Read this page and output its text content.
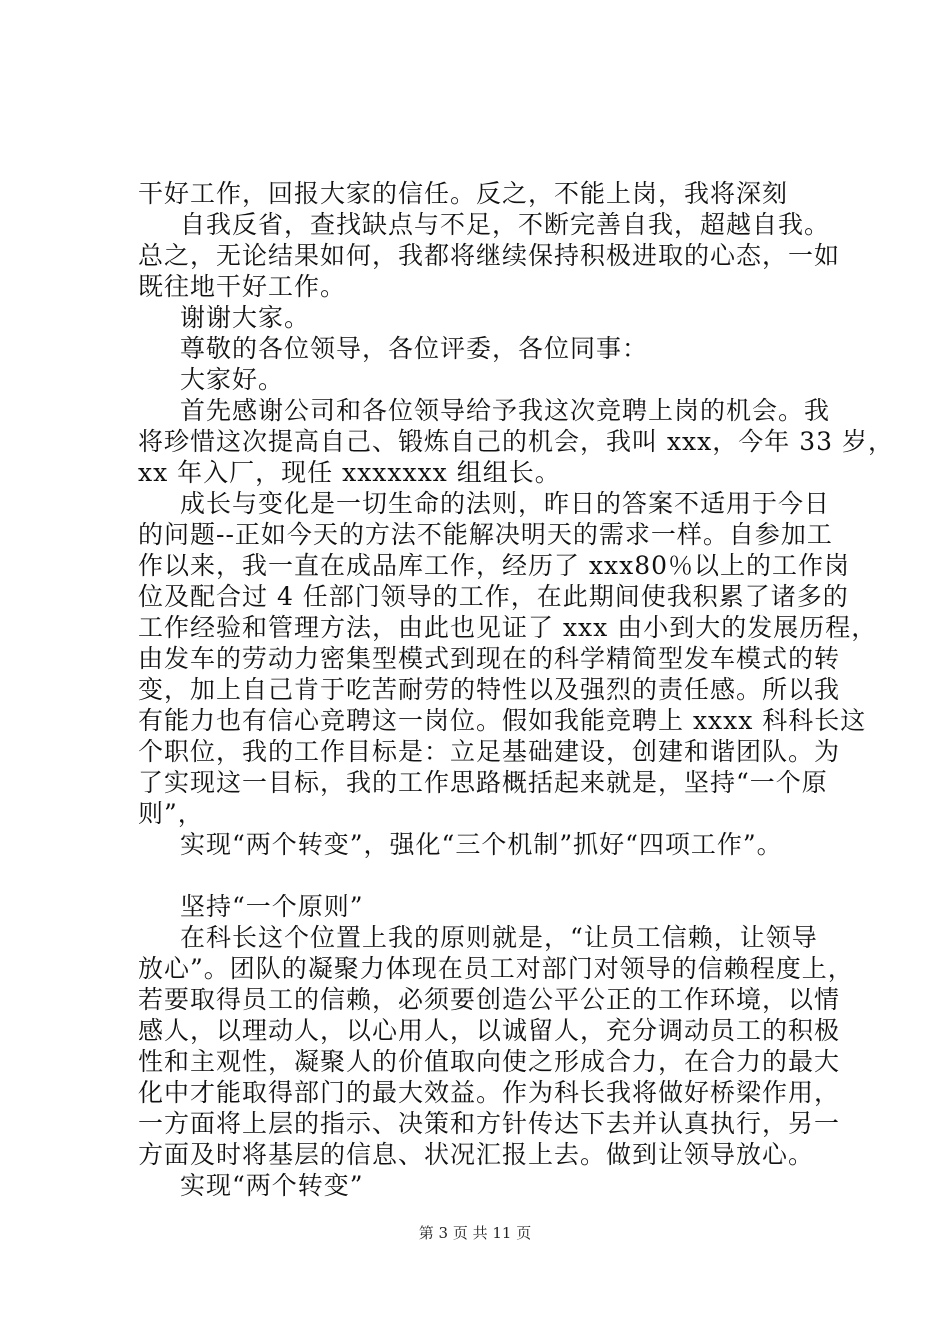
干好工作，回报大家的信任。反之，不能上岗，我将深刻
自我反省，查找缺点与不足，不断完善自我，超越自我。
总之，无论结果如何，我都将继续保持积极进取的心态，一如
既往地干好工作。
谢谢大家。
尊敬的各位领导，各位评委，各位同事：
大家好。
首先感谢公司和各位领导给予我这次竞聘上岗的机会。我
将珍惜这次提高自己、锻炼自己的机会，我叫 xxx，今年 33 岁，
xx 年入厂，现任 xxxxxxx 组组长。
成长与变化是一切生命的法则，昨日的答案不适用于今日
的问题--正如今天的方法不能解决明天的需求一样。自参加工
作以来，我一直在成品库工作，经历了 xxx80％以上的工作岗
位及配合过 4 任部门领导的工作，在此期间使我积累了诸多的
工作经验和管理方法，由此也见证了 xxx 由小到大的发展历程，
由发车的劳动力密集型模式到现在的科学精简型发车模式的转
变，加上自己肯于吃苦耐劳的特性以及强烈的责任感。所以我
有能力也有信心竞聘这一岗位。假如我能竞聘上 xxxx 科科长这
个职位，我的工作目标是：立足基础建设，创建和谐团队。为
了实现这一目标，我的工作思路概括起来就是，坚持“一个原
则”，
实现“两个转变”，强化“三个机制”抓好“四项工作”。
坚持“一个原则”
在科长这个位置上我的原则就是，“让员工信赖，让领导
放心”。团队的凝聚力体现在员工对部门对领导的信赖程度上，
若要取得员工的信赖，必须要创造公平公正的工作环境，以情
感人，以理动人，以心用人，以诚留人，充分调动员工的积极
性和主观性，凝聚人的价值取向使之形成合力，在合力的最大
化中才能取得部门的最大效益。作为科长我将做好桥梁作用，
一方面将上层的指示、决策和方针传达下去并认真执行，另一
方面及时将基层的信息、状况汇报上去。做到让领导放心。
实现“两个转变”
第 3 页 共 11 页
